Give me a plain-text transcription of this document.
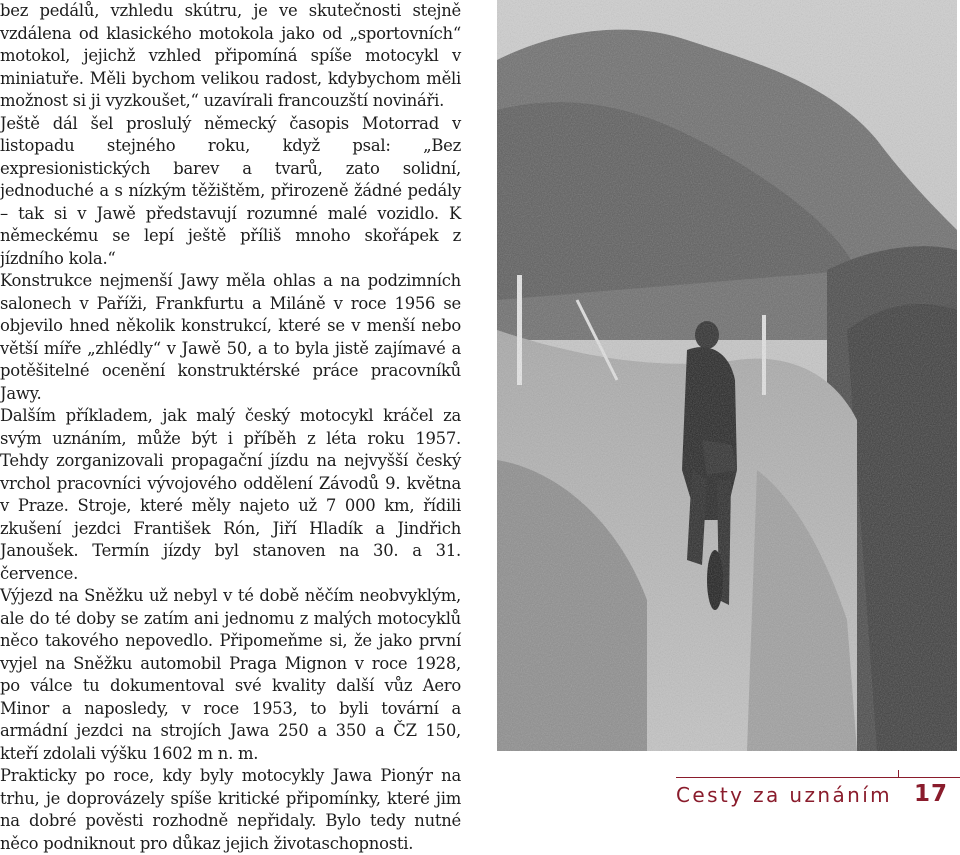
bez pedálů, vzhledu skútru, je ve skutečnosti stejně vzdálena od klasického motokola jako od „sportovních“ motokol, jejichž vzhled připomíná spíše motocykl v miniatuře. Měli bychom velikou radost, kdybychom měli možnost si ji vyzkoušet,“ uzavírali francouzští novináři.

Ještě dál šel proslulý německý časopis Motorrad v listopadu stejného roku, když psal: „Bez expresionistických barev a tvarů, zato solidní, jednoduché a s nízkým těžištěm, přirozeně žádné pedály – tak si v Jawě představují rozumné malé vozidlo. K německému se lepí ještě příliš mnoho skořápek z jízdního kola.“

Konstrukce nejmenší Jawy měla ohlas a na podzimních salonech v Paříži, Frankfurtu a Miláně v roce 1956 se objevilo hned několik konstrukcí, které se v menší nebo větší míře „zhlédly“ v Jawě 50, a to byla jistě zajímavé a potěšitelné ocenění konstruktérské práce pracovníků Jawy.

Dalším příkladem, jak malý český motocykl kráčel za svým uznáním, může být i příběh z léta roku 1957. Tehdy zorganizovali propagační jízdu na nejvyšší český vrchol pracovníci vývojového oddělení Závodů 9. května v Praze. Stroje, které měly najeto už 7 000 km, řídili zkušení jezdci František Rón, Jiří Hladík a Jindřich Janoušek. Termín jízdy byl stanoven na 30. a 31. července.

Výjezd na Sněžku už nebyl v té době něčím neobvyklým, ale do té doby se zatím ani jednomu z malých motocyklů něco takového nepovedlo. Připomeňme si, že jako první vyjel na Sněžku automobil Praga Mignon v roce 1928, po válce tu dokumentoval své kvality další vůz Aero Minor a naposledy, v roce 1953, to byli tovární a armádní jezdci na strojích Jawa 250 a 350 a ČZ 150, kteří zdolali výšku 1602 m n. m.

Prakticky po roce, kdy byly motocykly Jawa Pionýr na trhu, je doprovázely spíše kritické připomínky, které jim na dobré pověsti rozhodně nepřidaly. Bylo tedy nutné něco podniknout pro důkaz jejich životaschopnosti.

Cesty za uznáním 17
